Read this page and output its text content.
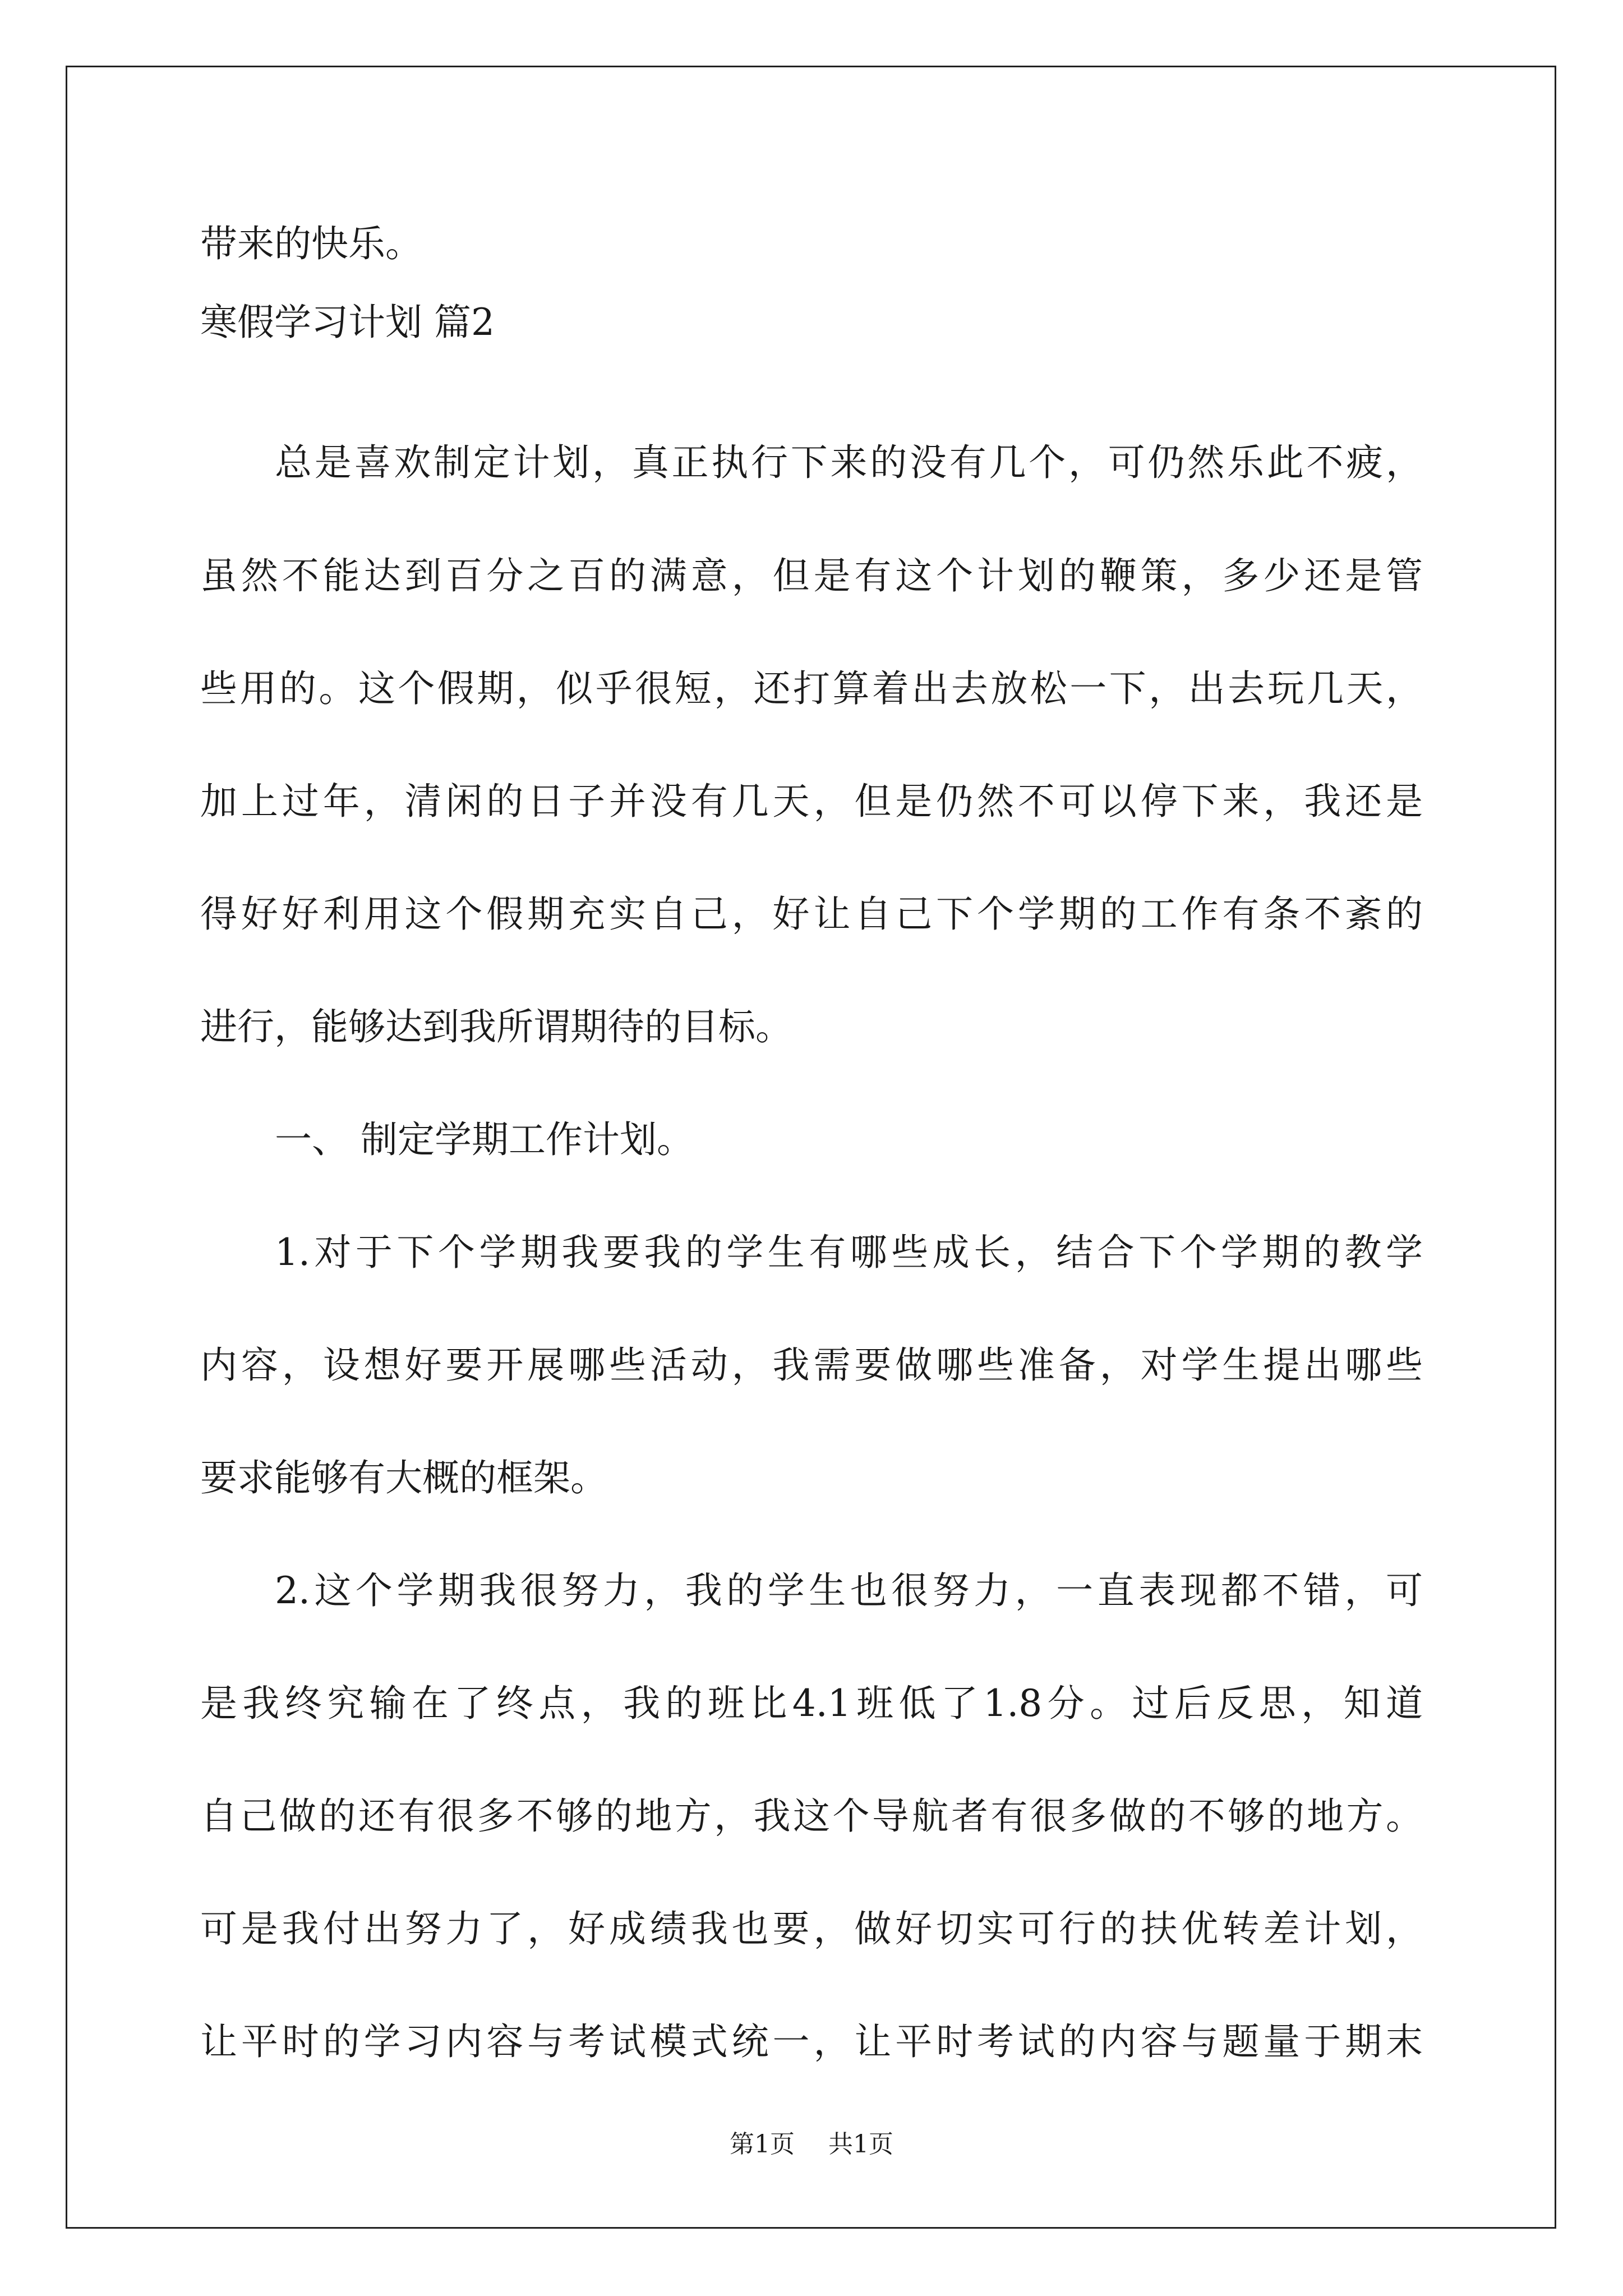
带来的快乐。
寒假学习计划 篇2
总是喜欢制定计划，真正执行下来的没有几个，可仍然乐此不疲，
虽然不能达到百分之百的满意，但是有这个计划的鞭策，多少还是管
些用的。这个假期，似乎很短，还打算着出去放松一下，出去玩几天，
加上过年，清闲的日子并没有几天，但是仍然不可以停下来，我还是
得好好利用这个假期充实自己，好让自己下个学期的工作有条不紊的
进行，能够达到我所谓期待的目标。
一、 制定学期工作计划。
1.对于下个学期我要我的学生有哪些成长，结合下个学期的教学
内容，设想好要开展哪些活动，我需要做哪些准备，对学生提出哪些
要求能够有大概的框架。
2.这个学期我很努力，我的学生也很努力，一直表现都不错，可
是我终究输在了终点，我的班比4.1班低了1.8分。过后反思，知道
自己做的还有很多不够的地方，我这个导航者有很多做的不够的地方。
可是我付出努力了，好成绩我也要，做好切实可行的扶优转差计划，
让平时的学习内容与考试模式统一，让平时考试的内容与题量于期末
第1页 共1页
